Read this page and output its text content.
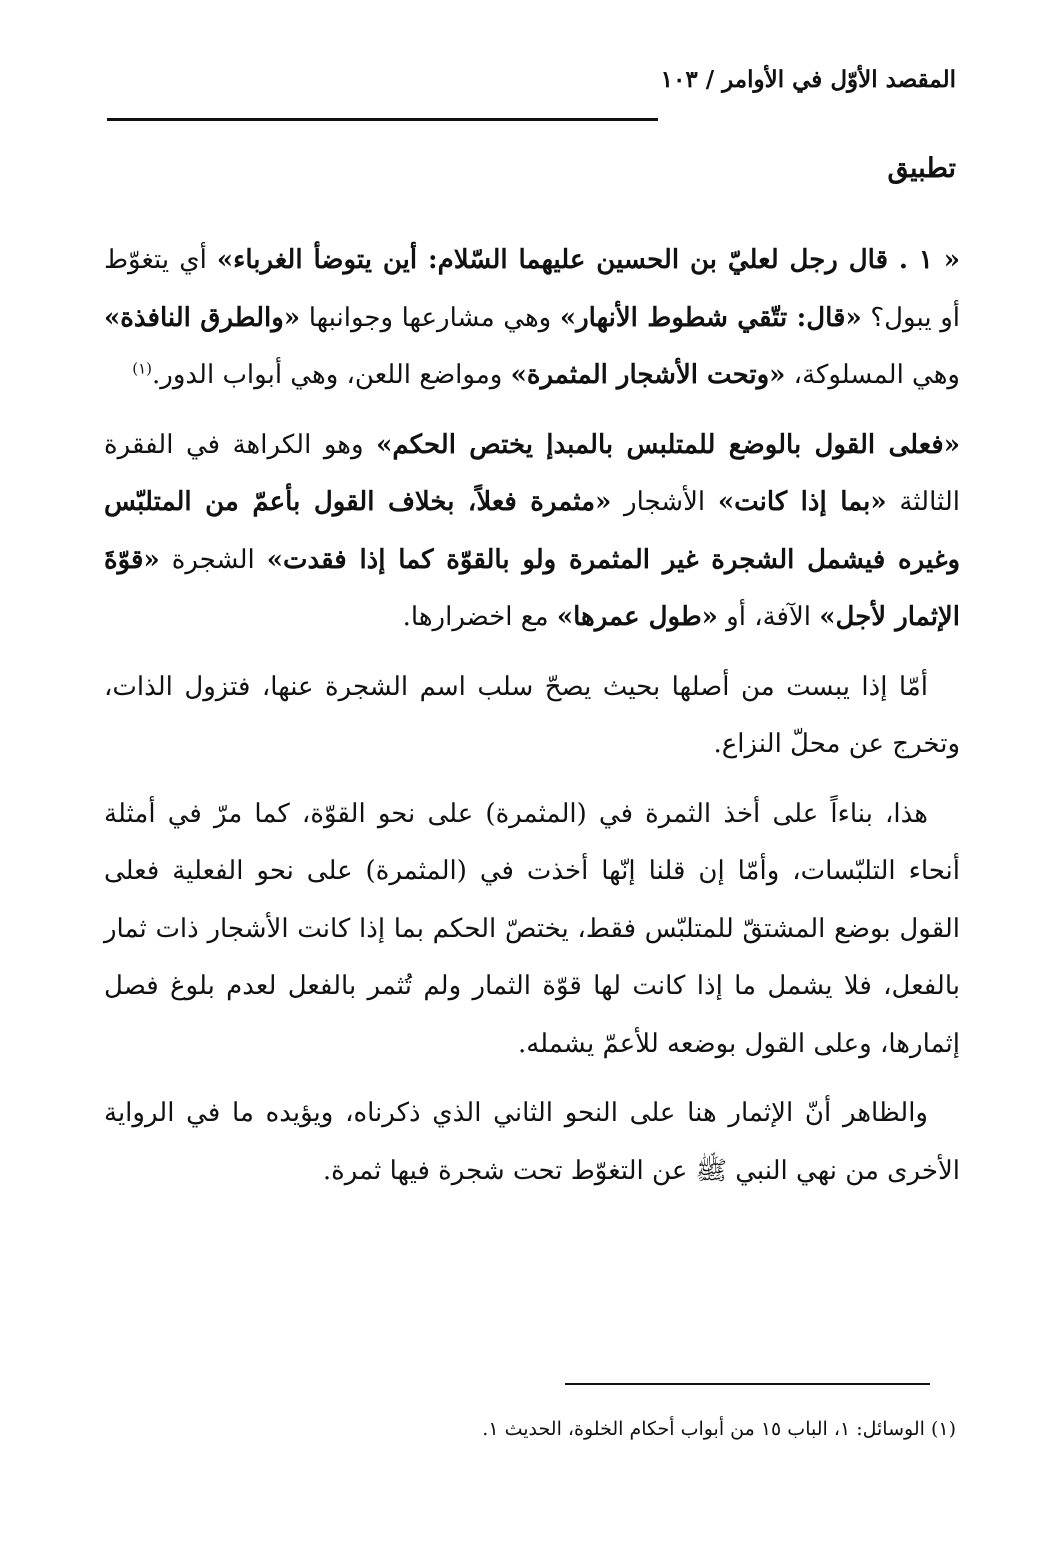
المقصد الأوّل في الأوامر / ١٠٣
تطبيق

« ١ . قال رجل لعليّ بن الحسين عليهما السّلام: أين يتوضأ الغرباء» أي يتغوّط أو يبول؟ «قال: تتّقي شطوط الأنهار» وهي مشارعها وجوانبها «والطرق النافذة» وهي المسلوكة، «وتحت الأشجار المثمرة» ومواضع اللعن، وهي أبواب الدور.$^{(١)}$

«فعلى القول بالوضع للمتلبس بالمبدإ يختص الحكم» وهو الكراهة في الفقرة الثالثة «بما إذا كانت» الأشجار «مثمرة فعلاً، بخلاف القول بأعمّ من المتلبّس وغيره فيشمل الشجرة غير المثمرة ولو بالقوّة كما إذا فقدت» الشجرة «قوّةَ الإثمار لأجل» الآفة، أو «طول عمرها» مع اخضرارها.

أمّا إذا يبست من أصلها بحيث يصحّ سلب اسم الشجرة عنها، فتزول الذات، وتخرج عن محلّ النزاع.

هذا، بناءاً على أخذ الثمرة في (المثمرة) على نحو القوّة، كما مرّ في أمثلة أنحاء التلبّسات، وأمّا إن قلنا إنّها أخذت في (المثمرة) على نحو الفعلية فعلى القول بوضع المشتقّ للمتلبّس فقط، يختصّ الحكم بما إذا كانت الأشجار ذات ثمار بالفعل، فلا يشمل ما إذا كانت لها قوّة الثمار ولم تُثمر بالفعل لعدم بلوغ فصل إثمارها، وعلى القول بوضعه للأعمّ يشمله.

والظاهر أنّ الإثمار هنا على النحو الثاني الذي ذكرناه، ويؤيده ما في الرواية الأخرى من نهي النبي ﷺ عن التغوّط تحت شجرة فيها ثمرة.

(١) الوسائل: ١، الباب ١٥ من أبواب أحكام الخلوة، الحديث ١.
